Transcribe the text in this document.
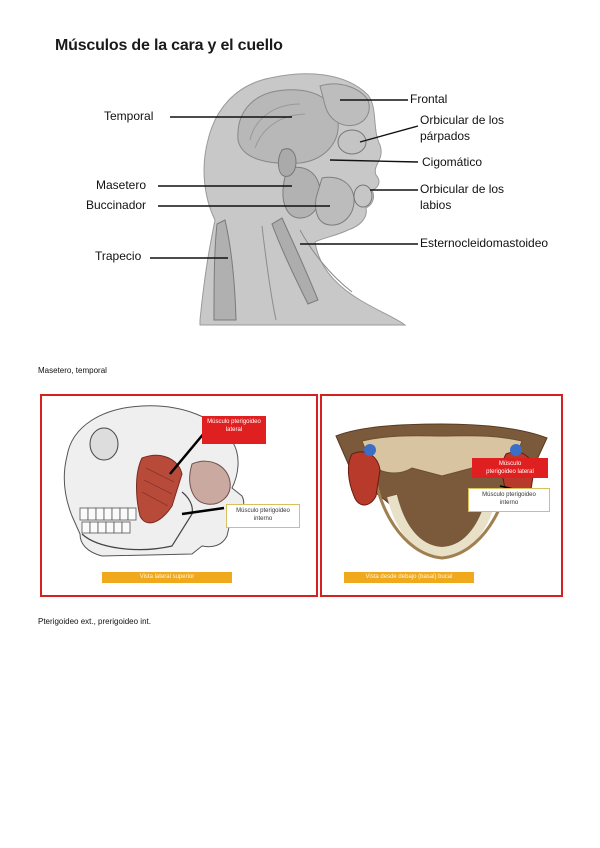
Músculos de la cara y el cuello
Temporal
Masetero
Buccinador
Trapecio
Frontal
Orbicular de los
párpados
Cigomático
Orbicular de los
labios
Esternocleidomastoideo
Masetero, temporal
Músculo pterigoideo
lateral
Músculo pterigoideo
interno
Vista lateral superior
Músculo
pterigoideo lateral
Músculo pterigoideo
interno
Vista desde debajo (basal) bucal
Pterigoideo ext., prerigoideo int.
